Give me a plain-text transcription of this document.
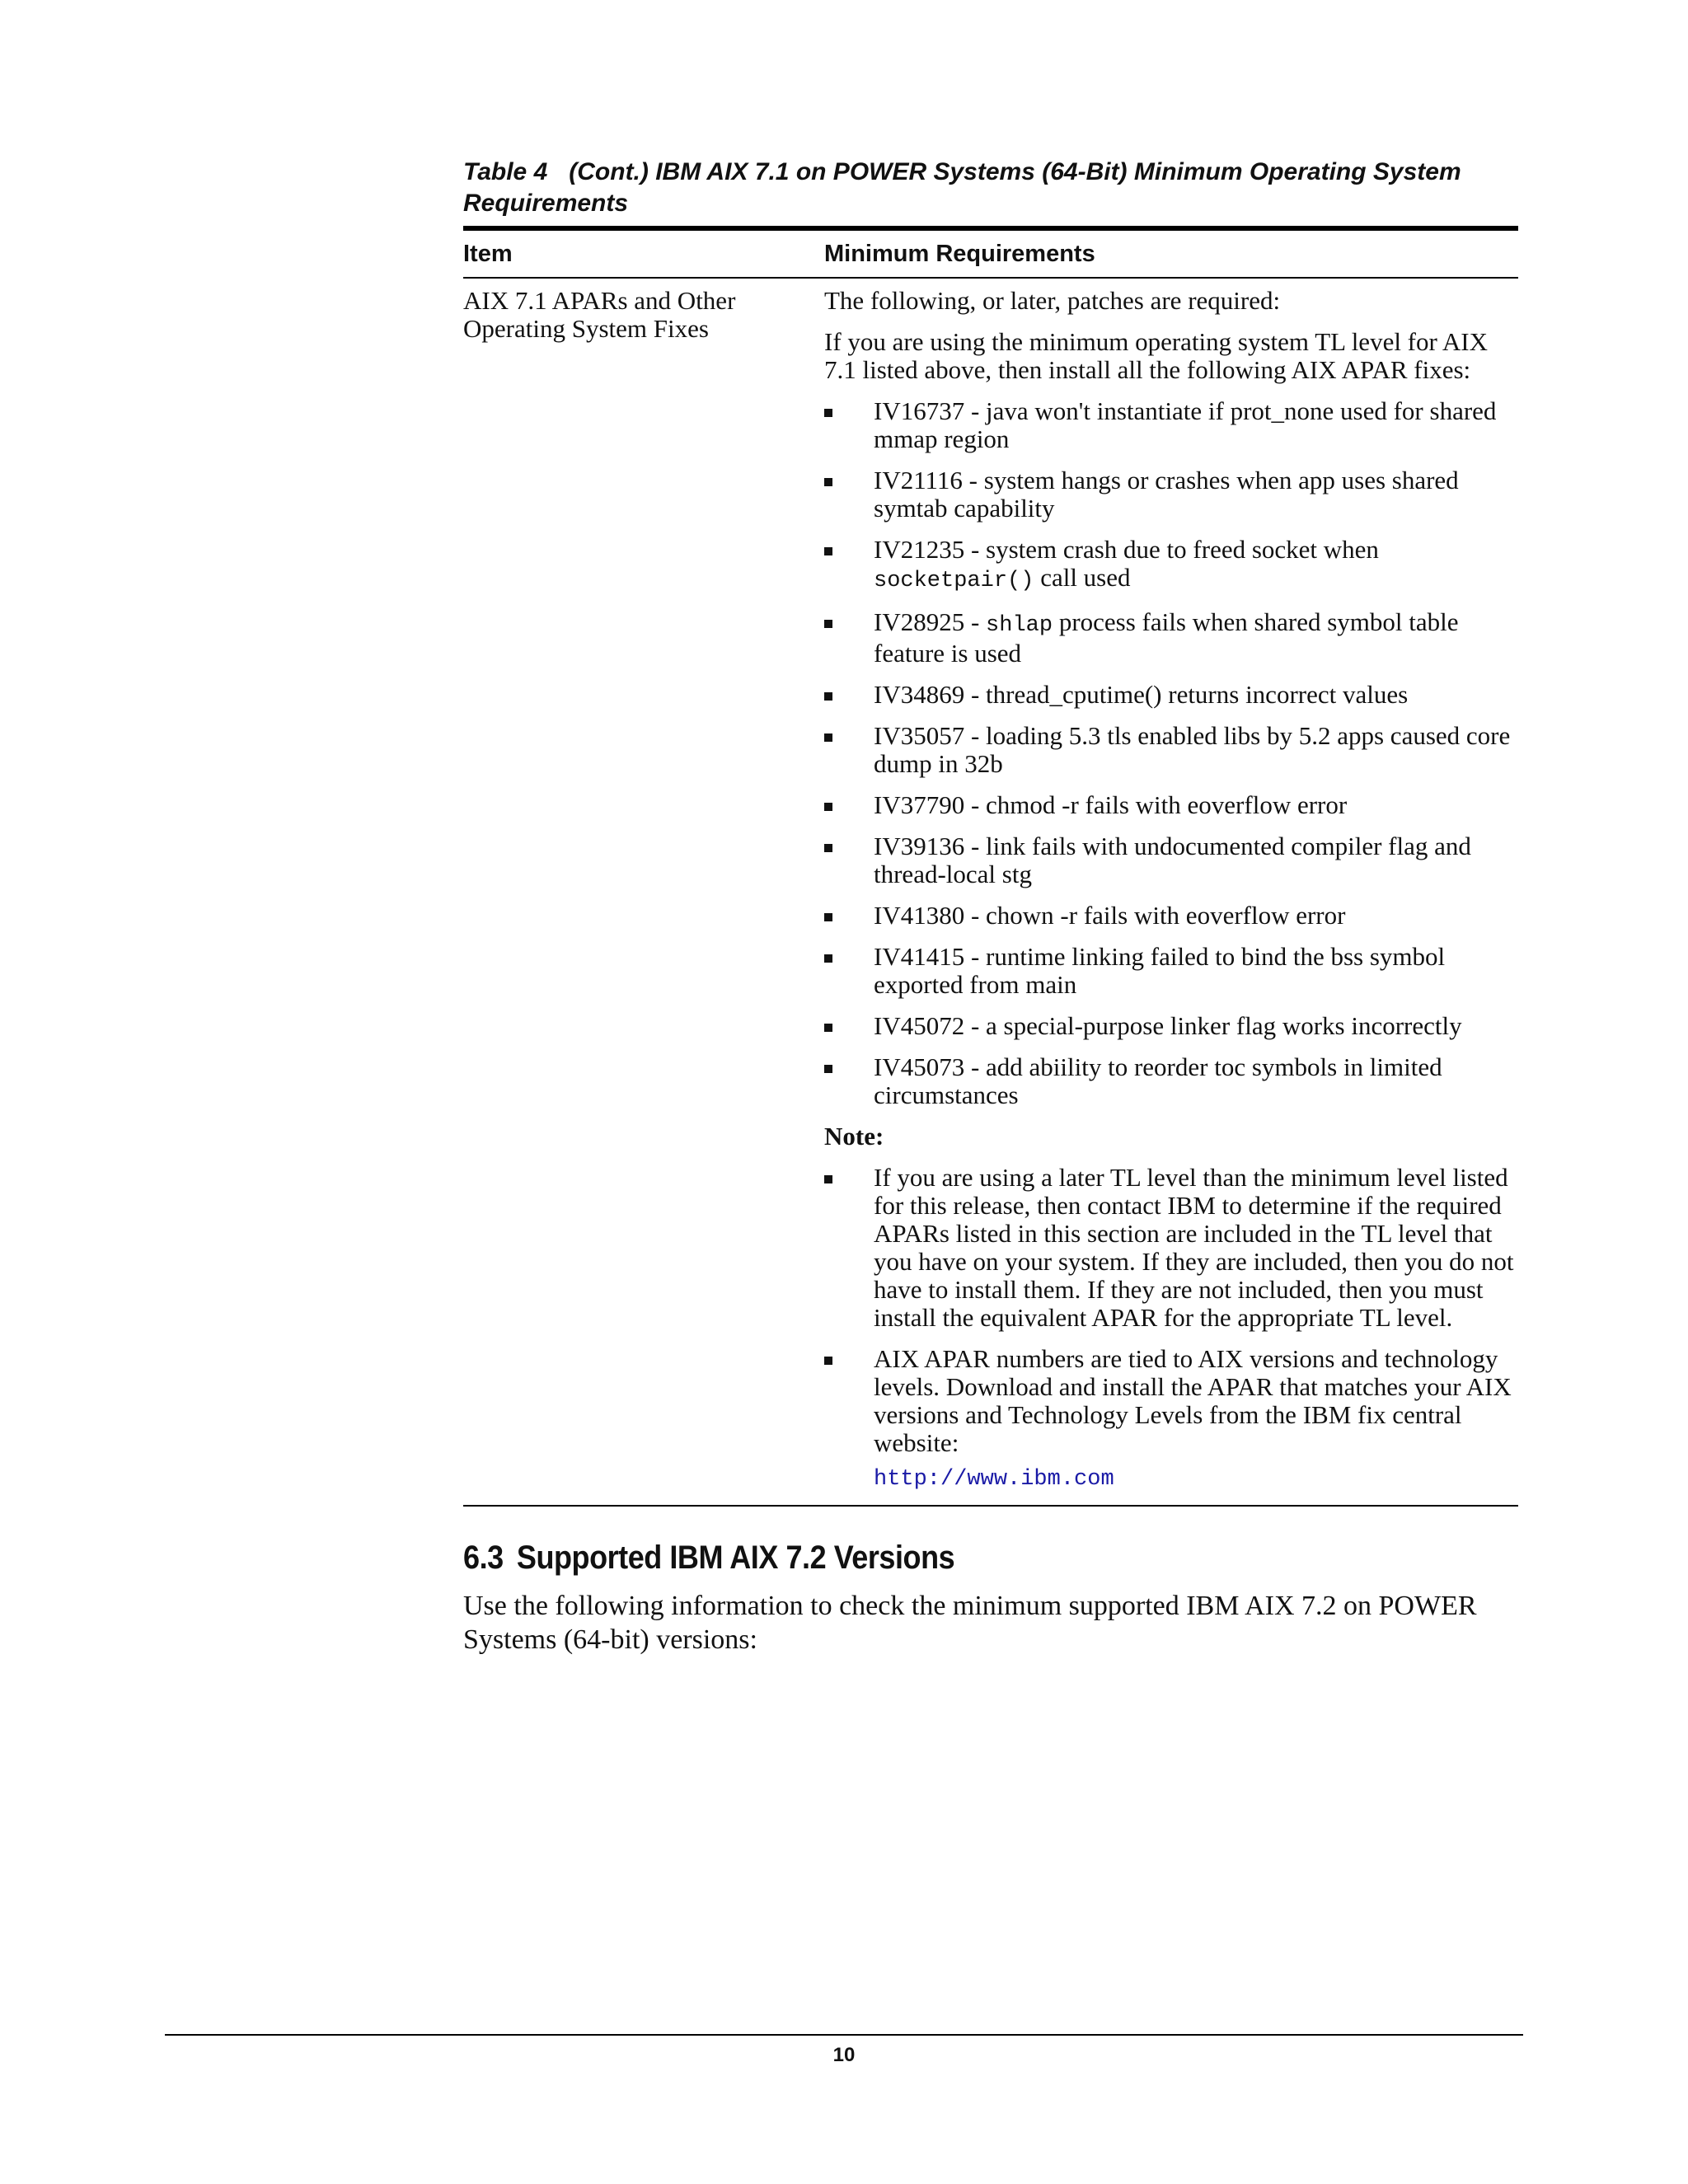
Table 4 (Cont.) IBM AIX 7.1 on POWER Systems (64-Bit) Minimum Operating System Requirements

Item	Minimum Requirements
AIX 7.1 APARs and Other Operating System Fixes

The following, or later, patches are required:

If you are using the minimum operating system TL level for AIX 7.1 listed above, then install all the following AIX APAR fixes:

IV16737 - java won't instantiate if prot_none used for shared mmap region
IV21116 - system hangs or crashes when app uses shared symtab capability
IV21235 - system crash due to freed socket when socketpair() call used
IV28925 - shlap process fails when shared symbol table feature is used
IV34869 - thread_cputime() returns incorrect values
IV35057 - loading 5.3 tls enabled libs by 5.2 apps caused core dump in 32b
IV37790 - chmod -r fails with eoverflow error
IV39136 - link fails with undocumented compiler flag and thread-local stg
IV41380 - chown -r fails with eoverflow error
IV41415 - runtime linking failed to bind the bss symbol exported from main
IV45072 - a special-purpose linker flag works incorrectly
IV45073 - add abiility to reorder toc symbols in limited circumstances

Note:

If you are using a later TL level than the minimum level listed for this release, then contact IBM to determine if the required APARs listed in this section are included in the TL level that you have on your system. If they are included, then you do not have to install them. If they are not included, then you must install the equivalent APAR for the appropriate TL level.
AIX APAR numbers are tied to AIX versions and technology levels. Download and install the APAR that matches your AIX versions and Technology Levels from the IBM fix central website:
http://www.ibm.com
6.3 Supported IBM AIX 7.2 Versions

Use the following information to check the minimum supported IBM AIX 7.2 on POWER Systems (64-bit) versions:

10
